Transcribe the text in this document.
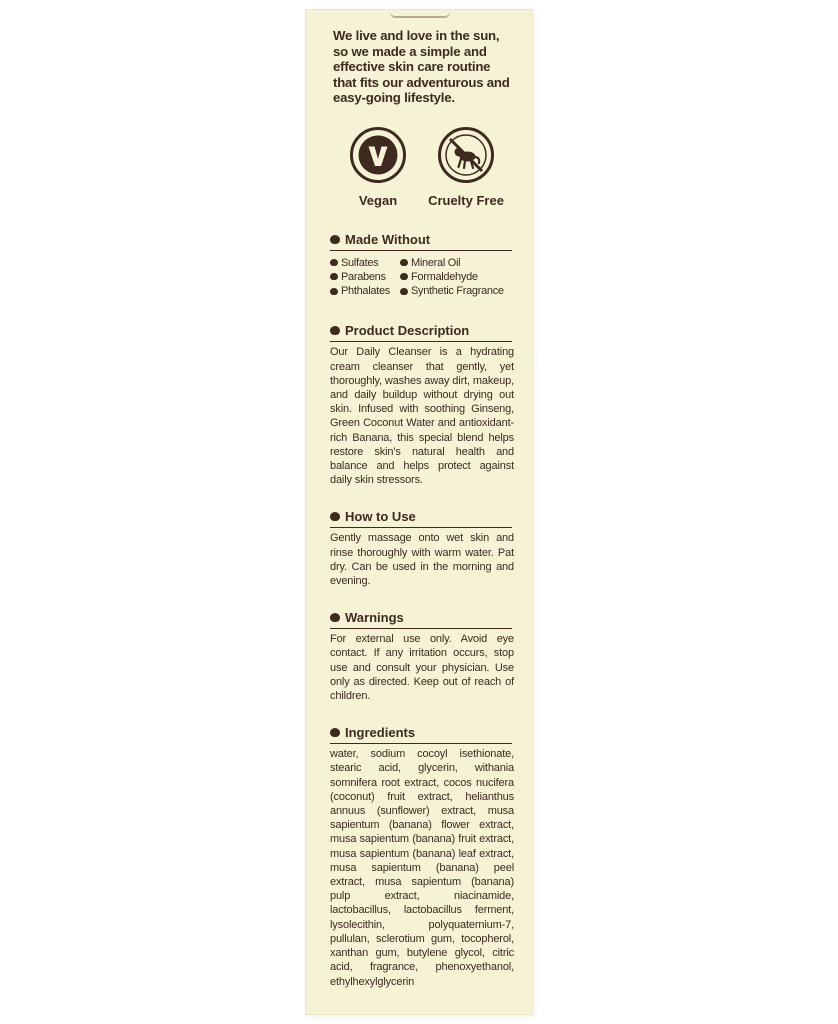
We live and love in the sun, so we made a simple and effective skin care routine that fits our adventurous and easy-going lifestyle.

Vegan Cruelty Free
Made Without
Sulfates	Mineral Oil
Parabens Formaldehyde
Phthalates Synthetic Fragrance
Product Description

Our Daily Cleanser is a hydrating cream cleanser that gently, yet thoroughly, washes away dirt, makeup, and daily buildup without drying out skin. Infused with soothing Ginseng, Green Coconut Water and antioxidant-rich Banana, this special blend helps restore skin's natural health and balance and helps protect against daily skin stressors.

How to Use

Gently massage onto wet skin and rinse thoroughly with warm water. Pat dry. Can be used in the morning and evening.

Warnings

For external use only. Avoid eye contact. If any irritation occurs, stop use and consult your physician. Use only as directed. Keep out of reach of children.

Ingredients

water, sodium cocoyl isethionate, stearic acid, glycerin, withania somnifera root extract, cocos nucifera (coconut) fruit extract, helianthus annuus (sunflower) extract, musa sapientum (banana) flower extract, musa sapientum (banana) fruit extract, musa sapientum (banana) leaf extract, musa sapientum (banana) peel extract, musa sapientum (banana) pulp extract, niacinamide, lactobacillus, lactobacillus ferment, lysolecithin, polyquaternium-7, pullulan, sclerotium gum, tocopherol, xanthan gum, butylene glycol, citric acid, fragrance, phenoxyethanol, ethylhexylglycerin
